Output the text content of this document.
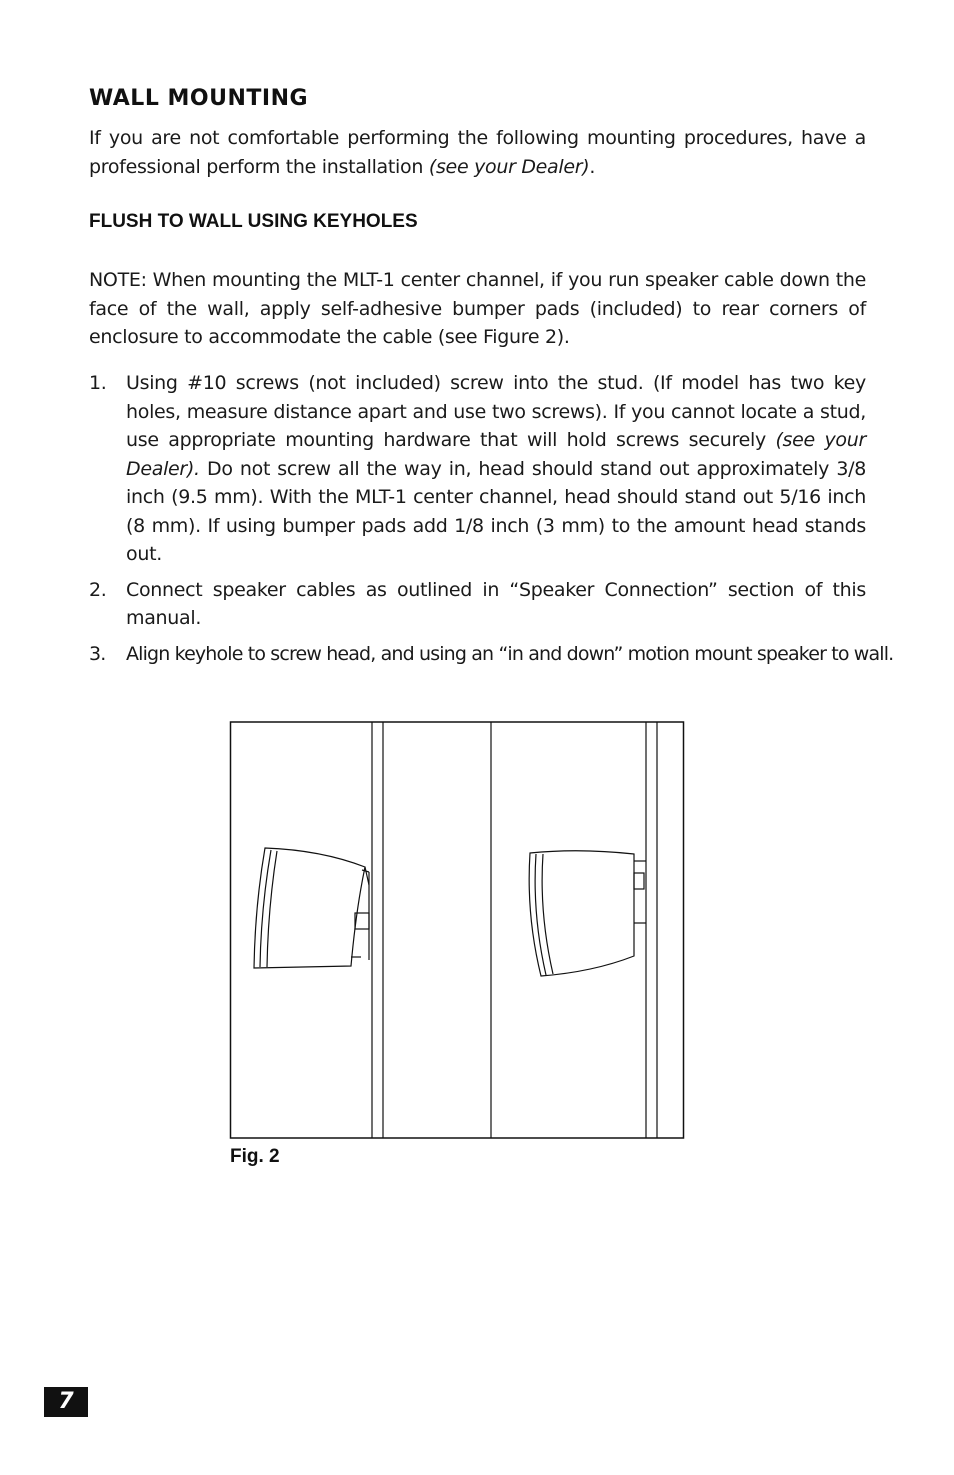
WALL MOUNTING

If you are not comfortable performing the following mounting procedures, have a professional perform the installation (see your Dealer).

FLUSH TO WALL USING KEYHOLES

NOTE: When mounting the MLT-1 center channel, if you run speaker cable down the face of the wall, apply self-adhesive bumper pads (included) to rear corners of enclosure to accommodate the cable (see Figure 2).

1. Using #10 screws (not included) screw into the stud. (If model has two key holes, measure distance apart and use two screws). If you cannot locate a stud, use appropriate mounting hardware that will hold screws securely (see your Dealer). Do not screw all the way in, head should stand out approximately 3/8 inch (9.5 mm). With the MLT-1 center channel, head should stand out 5/16 inch (8 mm). If using bumper pads add 1/8 inch (3 mm) to the amount head stands out.
2. Connect speaker cables as outlined in “Speaker Connection” section of this manual.
3. Align keyhole to screw head, and using an “in and down” motion mount speaker to wall.

Fig. 2

7
